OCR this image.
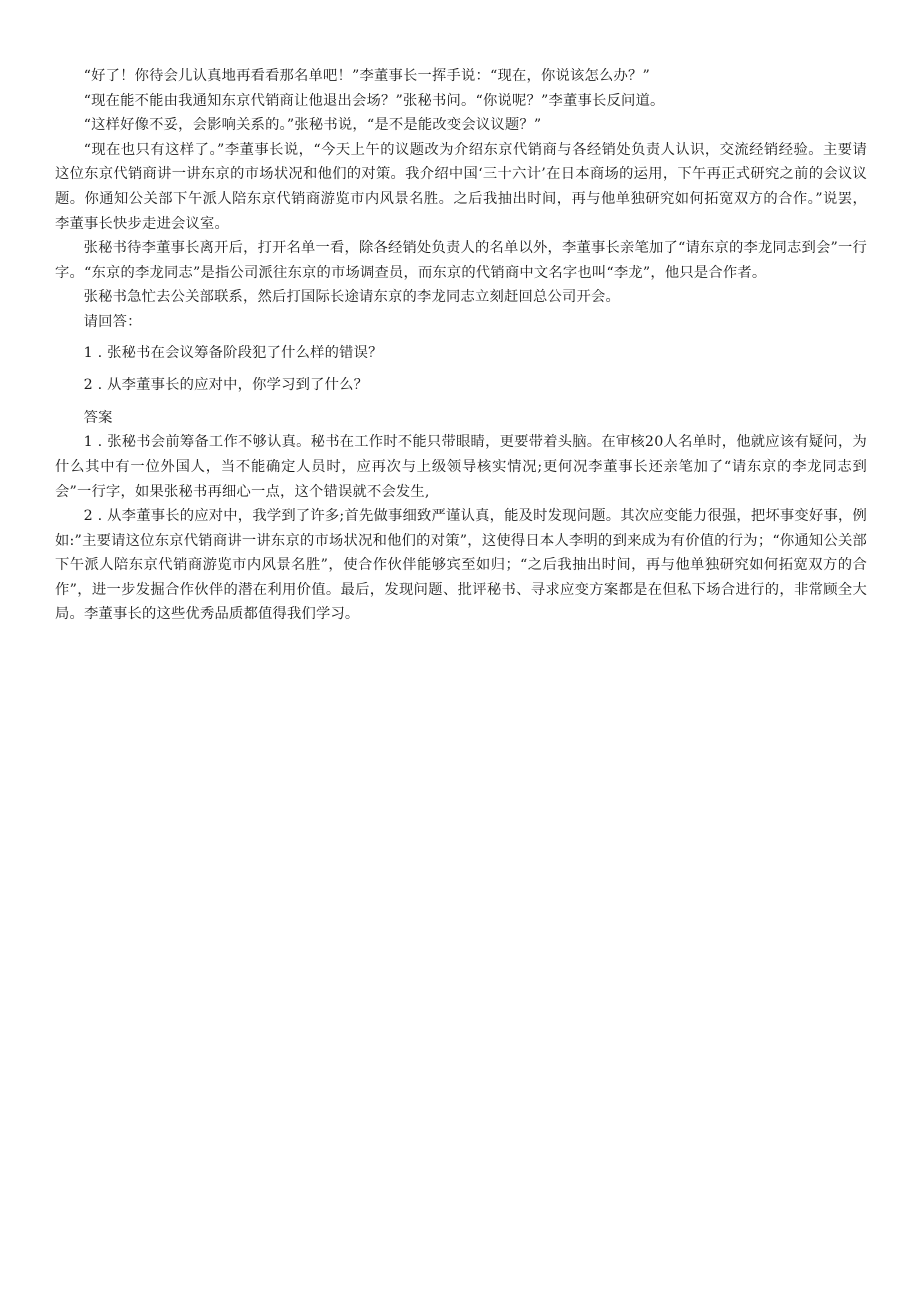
“好了！你待会儿认真地再看看那名单吧！”李董事长一挥手说：“现在，你说该怎么办？”

“现在能不能由我通知东京代销商让他退出会场？”张秘书问。“你说呢？”李董事长反问道。

“这样好像不妥，会影响关系的。”张秘书说，“是不是能改变会议议题？”

“现在也只有这样了。”李董事长说，“今天上午的议题改为介绍东京代销商与各经销处负责人认识，交流经销经验。主要请这位东京代销商讲一讲东京的市场状况和他们的对策。我介绍中国‘三十六计’在日本商场的运用，下午再正式研究之前的会议议题。你通知公关部下午派人陪东京代销商游览市内风景名胜。之后我抽出时间，再与他单独研究如何拓宽双方的合作。”说罢，李董事长快步走进会议室。

张秘书待李董事长离开后，打开名单一看，除各经销处负责人的名单以外，李董事长亲笔加了“请东京的李龙同志到会”一行字。“东京的李龙同志”是指公司派往东京的市场调查员，而东京的代销商中文名字也叫“李龙”，他只是合作者。

张秘书急忙去公关部联系，然后打国际长途请东京的李龙同志立刻赶回总公司开会。

请回答：

1 . 张秘书在会议筹备阶段犯了什么样的错误？

2 . 从李董事长的应对中，你学习到了什么？

答案

1 . 张秘书会前筹备工作不够认真。秘书在工作时不能只带眼睛，更要带着头脑。在审核20人名单时，他就应该有疑问，为什么其中有一位外国人，当不能确定人员时，应再次与上级领导核实情况;更何况李董事长还亲笔加了“请东京的李龙同志到会”一行字，如果张秘书再细心一点，这个错误就不会发生,

2 . 从李董事长的应对中，我学到了许多;首先做事细致严谨认真，能及时发现问题。其次应变能力很强，把坏事变好事，例如:”主要请这位东京代销商讲一讲东京的市场状况和他们的对策”，这使得日本人李明的到来成为有价值的行为；“你通知公关部下午派人陪东京代销商游览市内风景名胜”，使合作伙伴能够宾至如归；“之后我抽出时间，再与他单独研究如何拓宽双方的合作”，进一步发掘合作伙伴的潜在利用价值。最后，发现问题、批评秘书、寻求应变方案都是在但私下场合进行的，非常顾全大局。李董事长的这些优秀品质都值得我们学习。
